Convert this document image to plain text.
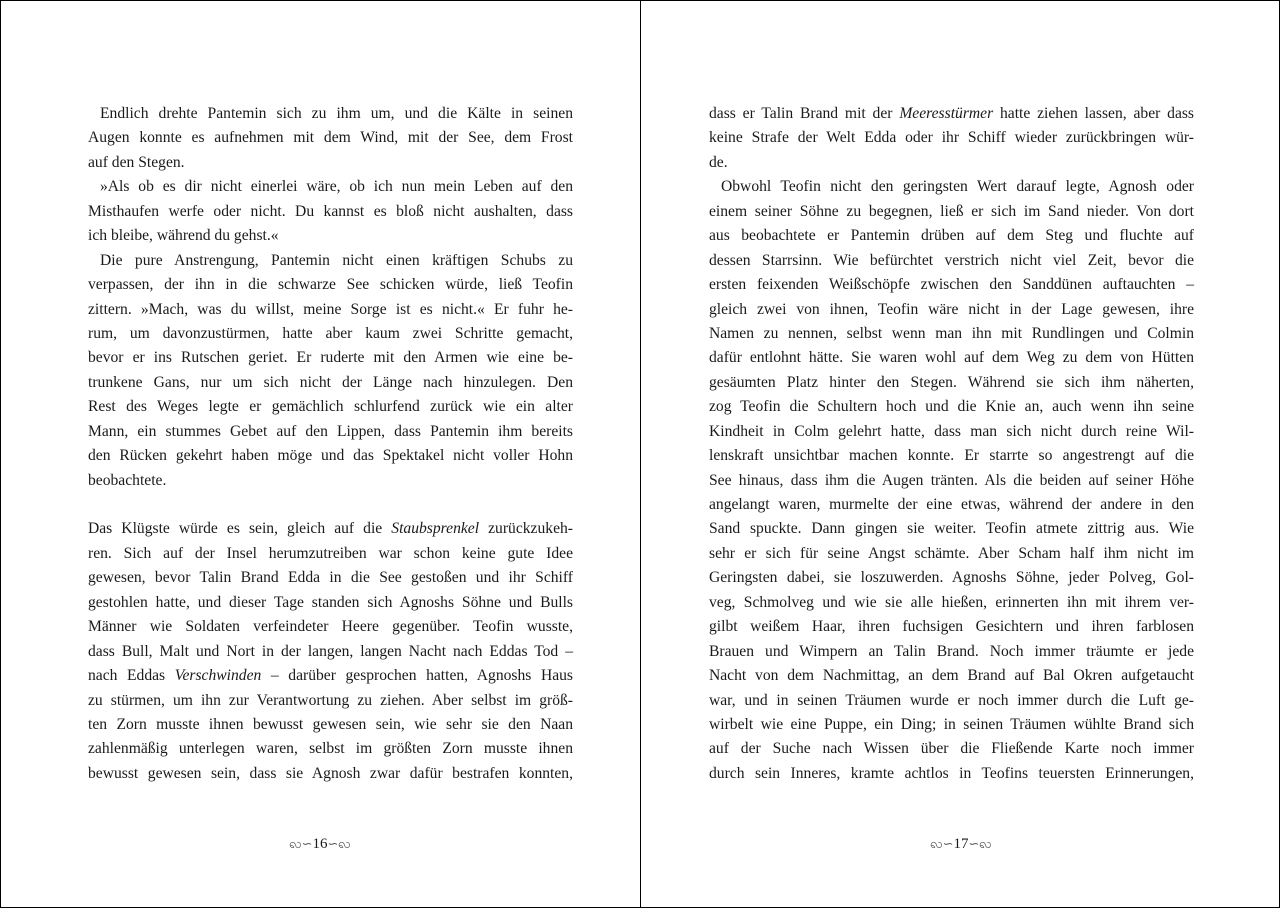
Endlich drehte Pantemin sich zu ihm um, und die Kälte in seinen
Augen konnte es aufnehmen mit dem Wind, mit der See, dem Frost
auf den Stegen.
»Als ob es dir nicht einerlei wäre, ob ich nun mein Leben auf den
Misthaufen werfe oder nicht. Du kannst es bloß nicht aushalten, dass
ich bleibe, während du gehst.«
Die pure Anstrengung, Pantemin nicht einen kräftigen Schubs zu
verpassen, der ihn in die schwarze See schicken würde, ließ Teofin
zittern. »Mach, was du willst, meine Sorge ist es nicht.« Er fuhr he-
rum, um davonzustürmen, hatte aber kaum zwei Schritte gemacht,
bevor er ins Rutschen geriet. Er ruderte mit den Armen wie eine be-
trunkene Gans, nur um sich nicht der Länge nach hinzulegen. Den
Rest des Weges legte er gemächlich schlurfend zurück wie ein alter
Mann, ein stummes Gebet auf den Lippen, dass Pantemin ihm bereits
den Rücken gekehrt haben möge und das Spektakel nicht voller Hohn
beobachtete.
Das Klügste würde es sein, gleich auf die Staubsprenkel zurückzukeh-
ren. Sich auf der Insel herumzutreiben war schon keine gute Idee
gewesen, bevor Talin Brand Edda in die See gestoßen und ihr Schiff
gestohlen hatte, und dieser Tage standen sich Agnoshs Söhne und Bulls
Männer wie Soldaten verfeindeter Heere gegenüber. Teofin wusste,
dass Bull, Malt und Nort in der langen, langen Nacht nach Eddas Tod –
nach Eddas Verschwinden – darüber gesprochen hatten, Agnoshs Haus
zu stürmen, um ihn zur Verantwortung zu ziehen. Aber selbst im größ-
ten Zorn musste ihnen bewusst gewesen sein, wie sehr sie den Naan
zahlenmäßig unterlegen waren, selbst im größten Zorn musste ihnen
bewusst gewesen sein, dass sie Agnosh zwar dafür bestrafen konnten,
ꩮ∽16∽ꩮ
dass er Talin Brand mit der Meeresstürmer hatte ziehen lassen, aber dass
keine Strafe der Welt Edda oder ihr Schiff wieder zurückbringen wür-
de.
Obwohl Teofin nicht den geringsten Wert darauf legte, Agnosh oder
einem seiner Söhne zu begegnen, ließ er sich im Sand nieder. Von dort
aus beobachtete er Pantemin drüben auf dem Steg und fluchte auf
dessen Starrsinn. Wie befürchtet verstrich nicht viel Zeit, bevor die
ersten feixenden Weißschöpfe zwischen den Sanddünen auftauchten –
gleich zwei von ihnen, Teofin wäre nicht in der Lage gewesen, ihre
Namen zu nennen, selbst wenn man ihn mit Rundlingen und Colmin
dafür entlohnt hätte. Sie waren wohl auf dem Weg zu dem von Hütten
gesäumten Platz hinter den Stegen. Während sie sich ihm näherten,
zog Teofin die Schultern hoch und die Knie an, auch wenn ihn seine
Kindheit in Colm gelehrt hatte, dass man sich nicht durch reine Wil-
lenskraft unsichtbar machen konnte. Er starrte so angestrengt auf die
See hinaus, dass ihm die Augen tränten. Als die beiden auf seiner Höhe
angelangt waren, murmelte der eine etwas, während der andere in den
Sand spuckte. Dann gingen sie weiter. Teofin atmete zittrig aus. Wie
sehr er sich für seine Angst schämte. Aber Scham half ihm nicht im
Geringsten dabei, sie loszuwerden. Agnoshs Söhne, jeder Polveg, Gol-
veg, Schmolveg und wie sie alle hießen, erinnerten ihn mit ihrem ver-
gilbt weißem Haar, ihren fuchsigen Gesichtern und ihren farblosen
Brauen und Wimpern an Talin Brand. Noch immer träumte er jede
Nacht von dem Nachmittag, an dem Brand auf Bal Okren aufgetaucht
war, und in seinen Träumen wurde er noch immer durch die Luft ge-
wirbelt wie eine Puppe, ein Ding; in seinen Träumen wühlte Brand sich
auf der Suche nach Wissen über die Fließende Karte noch immer
durch sein Inneres, kramte achtlos in Teofins teuersten Erinnerungen,
ꩮ∽17∽ꩮ
